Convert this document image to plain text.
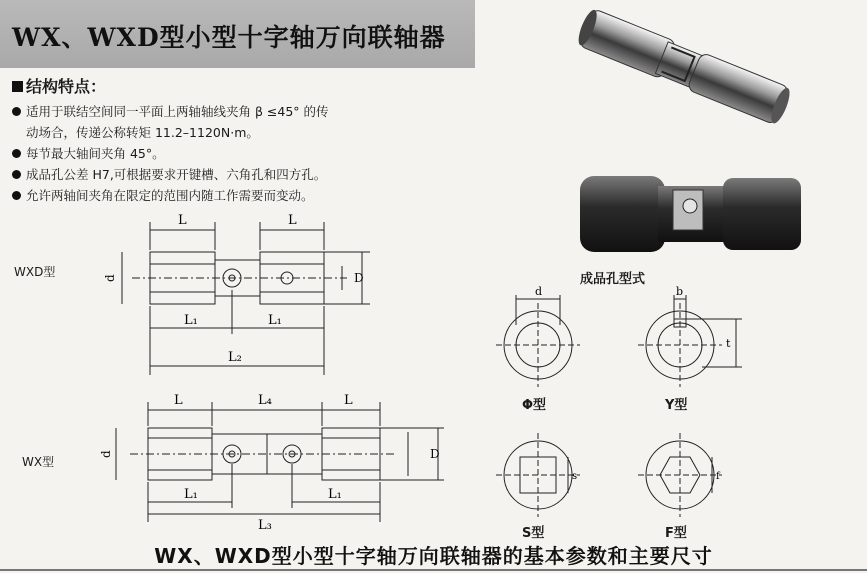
WX、WXD型小型十字轴万向联轴器
结构特点：
适用于联结空间同一平面上两轴轴线夹角 β ≤45° 的传
动场合，传递公称转矩 11.2–1120N·m。
每节最大轴间夹角 45°。
成品孔公差 H7,可根据要求开键槽、六角孔和四方孔。
允许两轴间夹角在限定的范围内随工作需要而变动。
成品孔型式
WXD型
L	L
d	D
L₁	L₁
L₂
WX型
L	L₄	L
d	D
L₁	L₁
L₃
d	b
t
s	f
Φ型	Y型
S型	F型
WX、WXD型小型十字轴万向联轴器的基本参数和主要尺寸
